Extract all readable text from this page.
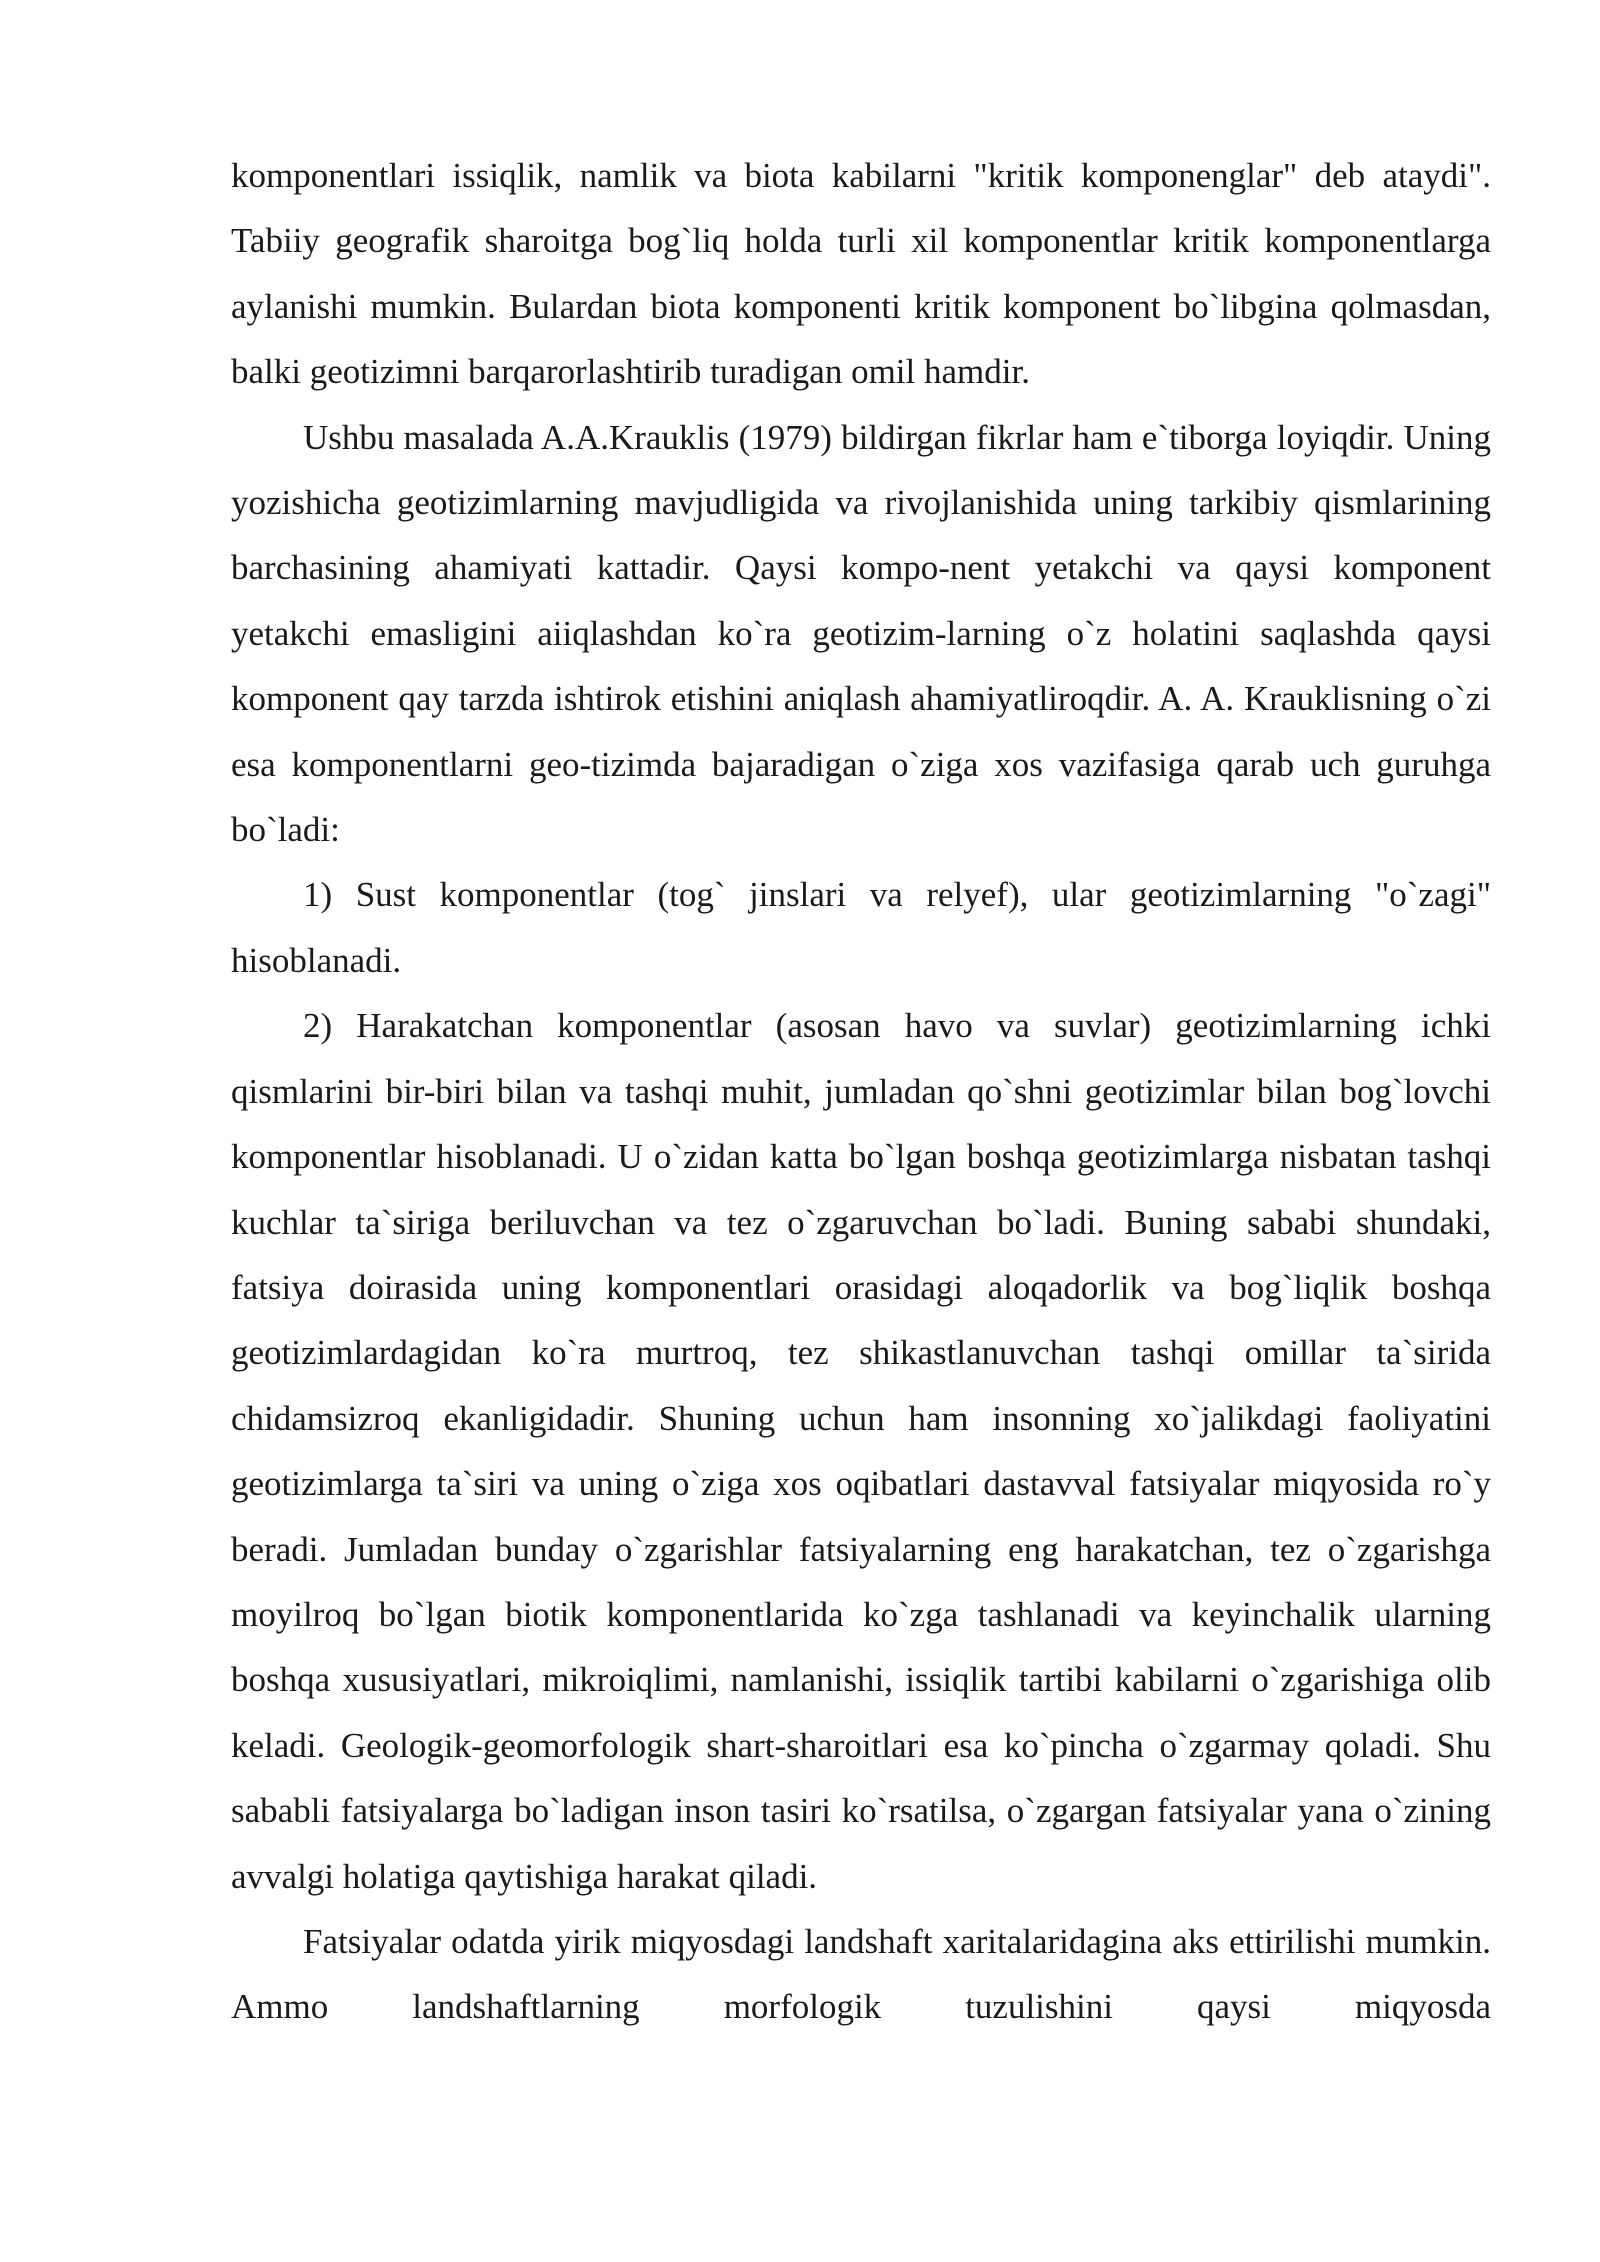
komponentlari issiqlik, namlik va biota kabilarni "kritik komponenglar" deb ataydi". Tabiiy geografik sharoitga bog`liq holda turli xil komponentlar kritik komponentlarga aylanishi mumkin. Bulardan biota komponenti kritik komponent bo`libgina qolmasdan, balki geotizimni barqarorlashtirib turadigan omil hamdir.

Ushbu masalada A.A.Krauklis (1979) bildirgan fikrlar ham e`tiborga loyiqdir. Uning yozishicha geotizimlarning mavjudligida va rivojlanishida uning tarkibiy qismlarining barchasining ahamiyati kattadir. Qaysi kompo-nent yetakchi va qaysi komponent yetakchi emasligini aiiqlashdan ko`ra geotizim-larning o`z holatini saqlashda qaysi komponent qay tarzda ishtirok etishini aniqlash ahamiyatliroqdir. A. A. Krauklisning o`zi esa komponentlarni geo-tizimda bajaradigan o`ziga xos vazifasiga qarab uch guruhga bo`ladi:

1) Sust komponentlar (tog` jinslari va relyef), ular geotizimlarning "o`zagi" hisoblanadi.

2) Harakatchan komponentlar (asosan havo va suvlar) geotizimlarning ichki qismlarini bir-biri bilan va tashqi muhit, jumladan qo`shni geotizimlar bilan bog`lovchi komponentlar hisoblanadi. U o`zidan katta bo`lgan boshqa geotizimlarga nisbatan tashqi kuchlar ta`siriga beriluvchan va tez o`zgaruvchan bo`ladi. Buning sababi shundaki, fatsiya doirasida uning komponentlari orasidagi aloqadorlik va bog`liqlik boshqa geotizimlardagidan ko`ra murtroq, tez shikastlanuvchan tashqi omillar ta`sirida chidamsizroq ekanligidadir. Shuning uchun ham insonning xo`jalikdagi faoliyatini geotizimlarga ta`siri va uning o`ziga xos oqibatlari dastavval fatsiyalar miqyosida ro`y beradi. Jumladan bunday o`zgarishlar fatsiyalarning eng harakatchan, tez o`zgarishga moyilroq bo`lgan biotik komponentlarida ko`zga tashlanadi va keyinchalik ularning boshqa xususiyatlari, mikroiqlimi, namlanishi, issiqlik tartibi kabilarni o`zgarishiga olib keladi. Geologik-geomorfologik shart-sharoitlari esa ko`pincha o`zgarmay qoladi. Shu sababli fatsiyalarga bo`ladigan inson tasiri ko`rsatilsa, o`zgargan fatsiyalar yana o`zining avvalgi holatiga qaytishiga harakat qiladi.

Fatsiyalar odatda yirik miqyosdagi landshaft xaritalaridagina aks ettirilishi mumkin. Ammo landshaftlarning morfologik tuzulishini qaysi miqyosda
